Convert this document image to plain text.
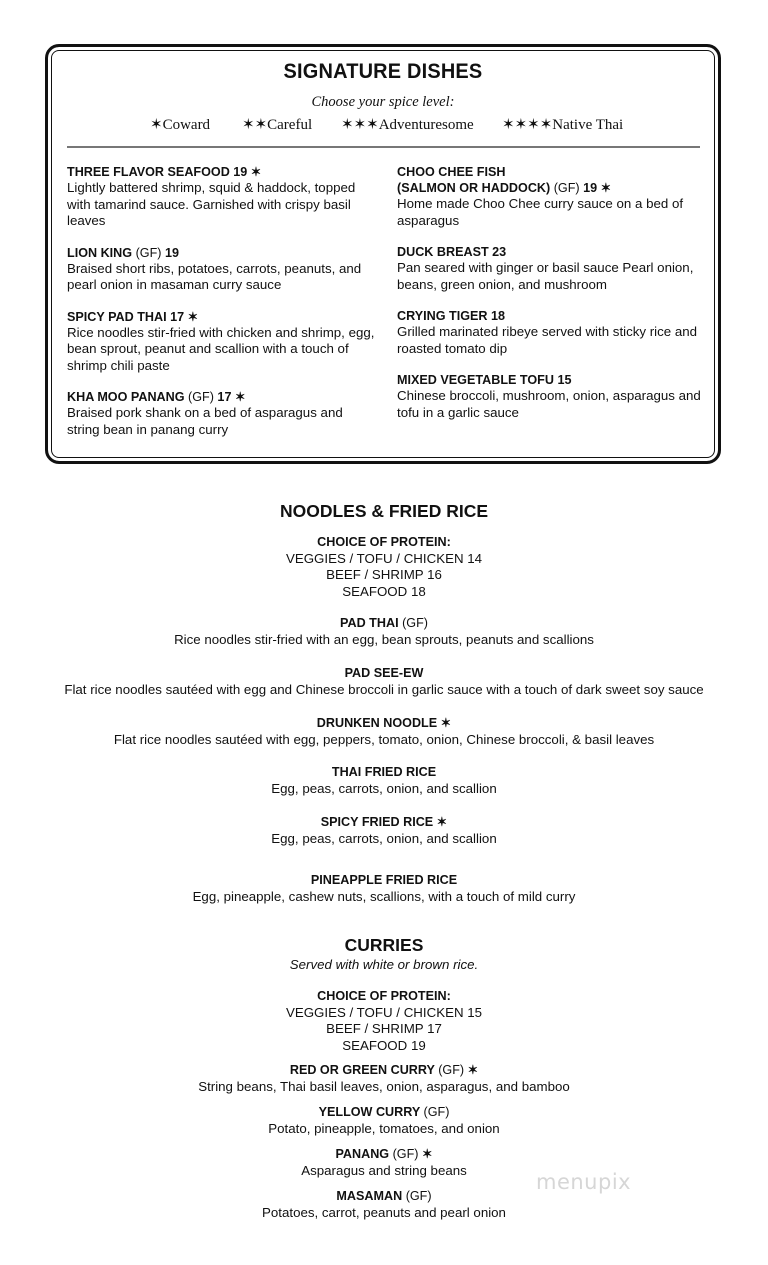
SIGNATURE DISHES
Choose your spice level:
✶Coward ✶✶Careful ✶✶✶Adventuresome ✶✶✶✶Native Thai
THREE FLAVOR SEAFOOD 19 ✶
Lightly battered shrimp, squid & haddock, topped with tamarind sauce. Garnished with crispy basil leaves
LION KING (GF) 19
Braised short ribs, potatoes, carrots, peanuts, and pearl onion in masaman curry sauce
SPICY PAD THAI 17 ✶
Rice noodles stir-fried with chicken and shrimp, egg, bean sprout, peanut and scallion with a touch of shrimp chili paste
KHA MOO PANANG (GF) 17 ✶
Braised pork shank on a bed of asparagus and string bean in panang curry
CHOO CHEE FISH
(SALMON OR HADDOCK) (GF) 19 ✶
Home made Choo Chee curry sauce on a bed of asparagus
DUCK BREAST 23
Pan seared with ginger or basil sauce Pearl onion, beans, green onion, and mushroom
CRYING TIGER 18
Grilled marinated ribeye served with sticky rice and roasted tomato dip
MIXED VEGETABLE TOFU 15
Chinese broccoli, mushroom, onion, asparagus and tofu in a garlic sauce
NOODLES & FRIED RICE
CHOICE OF PROTEIN:
VEGGIES / TOFU / CHICKEN 14
BEEF / SHRIMP 16
SEAFOOD 18
PAD THAI (GF)
Rice noodles stir-fried with an egg, bean sprouts, peanuts and scallions
PAD SEE-EW
Flat rice noodles sautéed with egg and Chinese broccoli in garlic sauce with a touch of dark sweet soy sauce
DRUNKEN NOODLE ✶
Flat rice noodles sautéed with egg, peppers, tomato, onion, Chinese broccoli, & basil leaves
THAI FRIED RICE
Egg, peas, carrots, onion, and scallion
SPICY FRIED RICE ✶
Egg, peas, carrots, onion, and scallion
PINEAPPLE FRIED RICE
Egg, pineapple, cashew nuts, scallions, with a touch of mild curry
CURRIES
Served with white or brown rice.
CHOICE OF PROTEIN:
VEGGIES / TOFU / CHICKEN 15
BEEF / SHRIMP 17
SEAFOOD 19
RED OR GREEN CURRY (GF) ✶
String beans, Thai basil leaves, onion, asparagus, and bamboo
YELLOW CURRY (GF)
Potato, pineapple, tomatoes, and onion
PANANG (GF) ✶
Asparagus and string beans
MASAMAN (GF)
Potatoes, carrot, peanuts and pearl onion
menupix
